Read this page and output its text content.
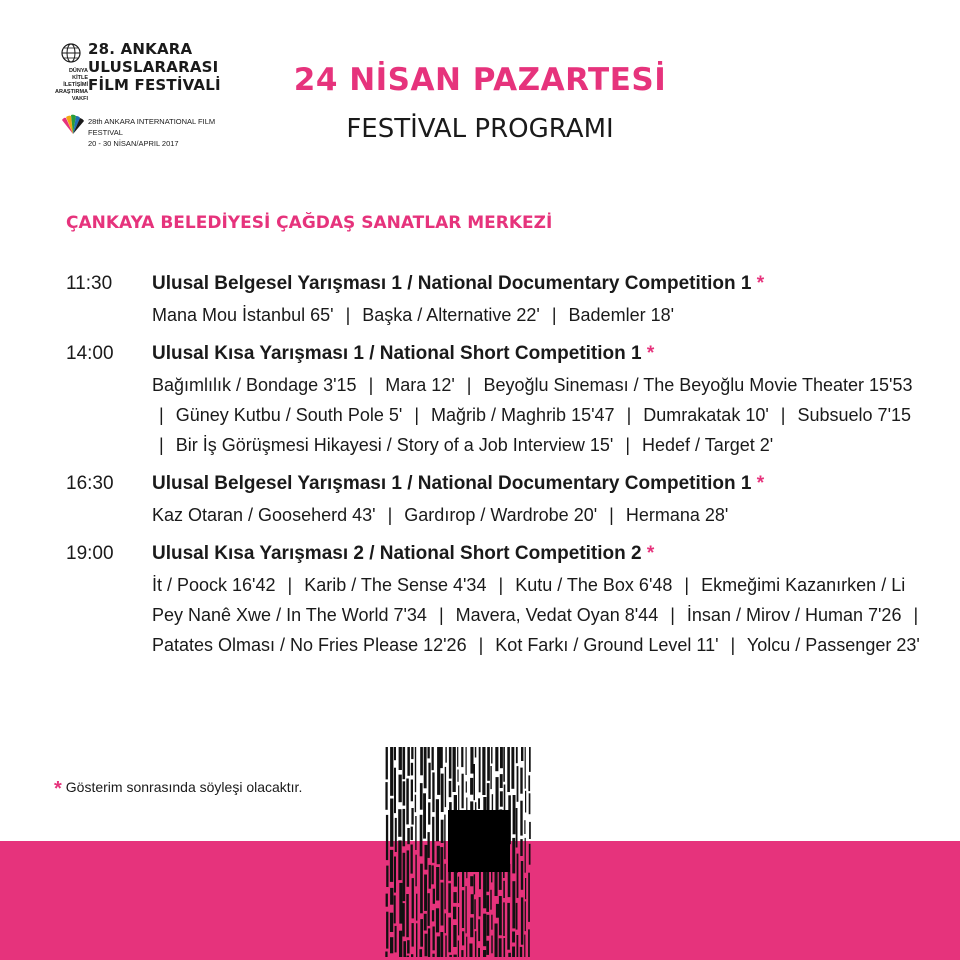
28. ANKARA
ULUSLARARASI
FİLM FESTİVALİ
DÜNYA
KİTLE
İLETİŞİMİ
ARAŞTIRMA
VAKFI
28th ANKARA INTERNATIONAL FILM FESTIVAL
20 - 30 NİSAN/APRIL 2017
24 NİSAN PAZARTESİ
FESTİVAL PROGRAMI
ÇANKAYA BELEDİYESİ ÇAĞDAŞ SANATLAR MERKEZİ
11:30 Ulusal Belgesel Yarışması 1 / National Documentary Competition 1 *
Mana Mou İstanbul 65' | Başka / Alternative 22' | Bademler 18'
14:00 Ulusal Kısa Yarışması 1 / National Short Competition 1 *
Bağımlılık / Bondage 3'15 | Mara 12' | Beyoğlu Sineması / The Beyoğlu Movie Theater 15'53 | Güney Kutbu / South Pole 5' | Mağrib / Maghrib 15'47 | Dumrakatak 10' | Subsuelo 7'15 | Bir İş Görüşmesi Hikayesi / Story of a Job Interview 15' | Hedef / Target 2'
16:30 Ulusal Belgesel Yarışması 1 / National Documentary Competition 1 *
Kaz Otaran / Gooseherd 43' | Gardırop / Wardrobe 20' | Hermana 28'
19:00 Ulusal Kısa Yarışması 2 / National Short Competition 2 *
İt / Poock 16'42 | Karib / The Sense 4'34 | Kutu / The Box 6'48 | Ekmeğimi Kazanırken / Li Pey Nanê Xwe / In The World 7'34 | Mavera, Vedat Oyan 8'44 | İnsan / Mirov / Human 7'26 | Patates Olması / No Fries Please 12'26 | Kot Farkı / Ground Level 11' | Yolcu / Passenger 23'
* Gösterim sonrasında söyleşi olacaktır.
